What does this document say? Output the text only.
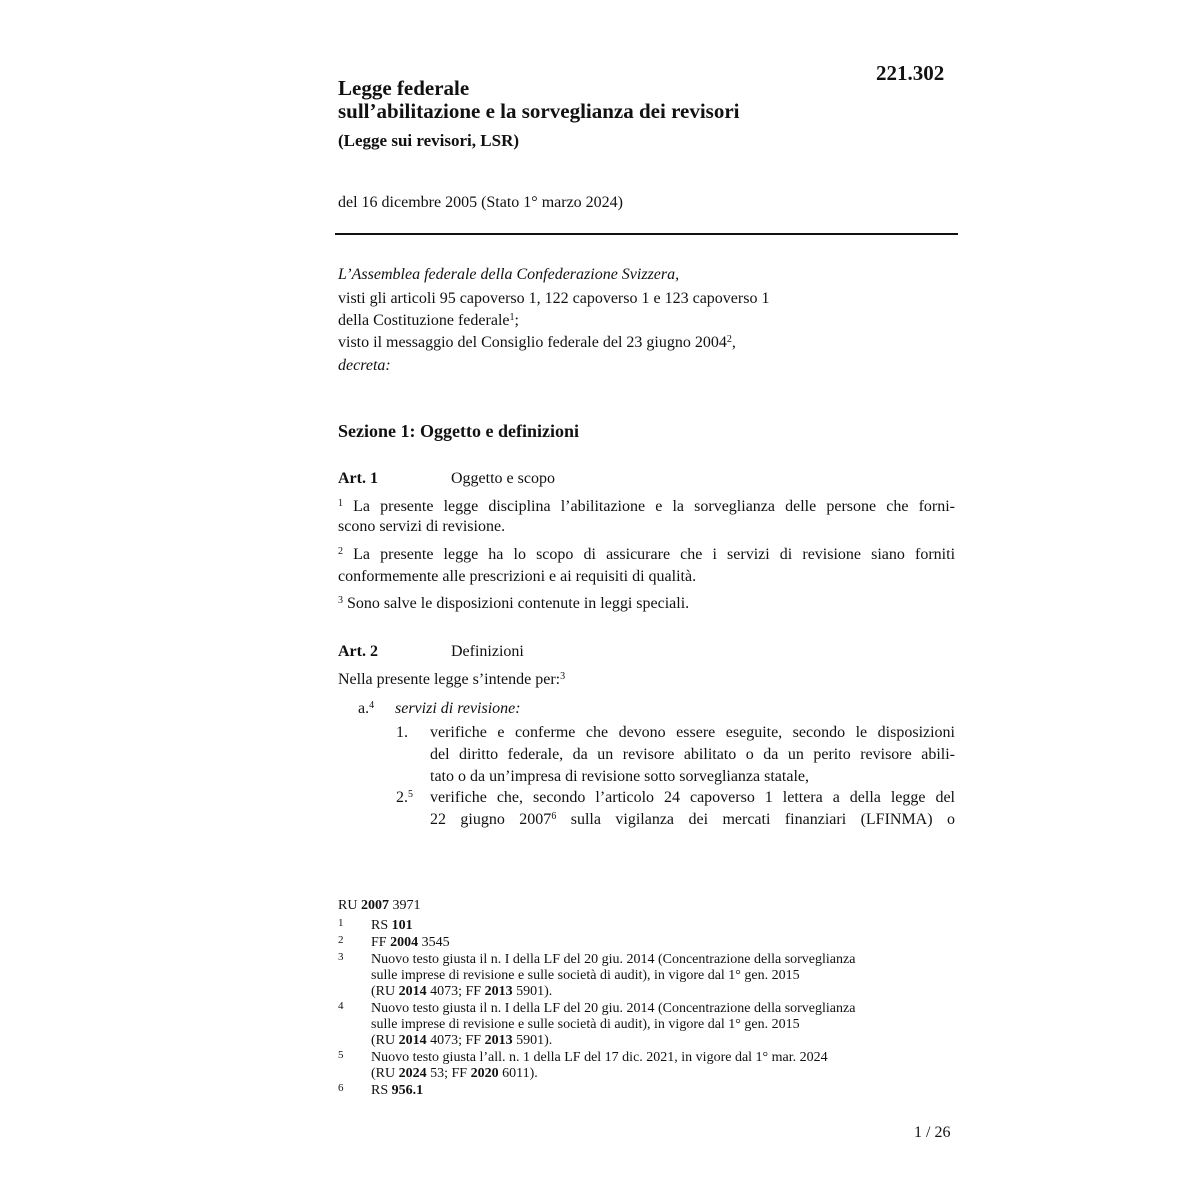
221.302
Legge federale
sull’abilitazione e la sorveglianza dei revisori
(Legge sui revisori, LSR)
del 16 dicembre 2005 (Stato 1° marzo 2024)
L’Assemblea federale della Confederazione Svizzera,
visti gli articoli 95 capoverso 1, 122 capoverso 1 e 123 capoverso 1
della Costituzione federale$^1$;
visto il messaggio del Consiglio federale del 23 giugno 2004$^2$,
decreta:
Sezione 1: Oggetto e definizioni
Art. 1	Oggetto e scopo
$^1$ La presente legge disciplina l’abilitazione e la sorveglianza delle persone che forni-
scono servizi di revisione.
$^2$ La presente legge ha lo scopo di assicurare che i servizi di revisione siano forniti
conformemente alle prescrizioni e ai requisiti di qualità.
$^3$ Sono salve le disposizioni contenute in leggi speciali.
Art. 2	Definizioni
Nella presente legge s’intende per:$^3$
a.$^4$ servizi di revisione:
1. verifiche e conferme che devono essere eseguite, secondo le disposizioni
del diritto federale, da un revisore abilitato o da un perito revisore abili-
tato o da un’impresa di revisione sotto sorveglianza statale,
2.$^5$ verifiche che, secondo l’articolo 24 capoverso 1 lettera a della legge del
22 giugno 2007$^6$ sulla vigilanza dei mercati finanziari (LFINMA) o
RU 2007 3971
1 RS 101
2 FF 2004 3545
3 Nuovo testo giusta il n. I della LF del 20 giu. 2014 (Concentrazione della sorveglianza
sulle imprese di revisione e sulle società di audit), in vigore dal 1° gen. 2015
(RU 2014 4073; FF 2013 5901).
4 Nuovo testo giusta il n. I della LF del 20 giu. 2014 (Concentrazione della sorveglianza
sulle imprese di revisione e sulle società di audit), in vigore dal 1° gen. 2015
(RU 2014 4073; FF 2013 5901).
5 Nuovo testo giusta l’all. n. 1 della LF del 17 dic. 2021, in vigore dal 1° mar. 2024
(RU 2024 53; FF 2020 6011).
6 RS 956.1
1 / 26
